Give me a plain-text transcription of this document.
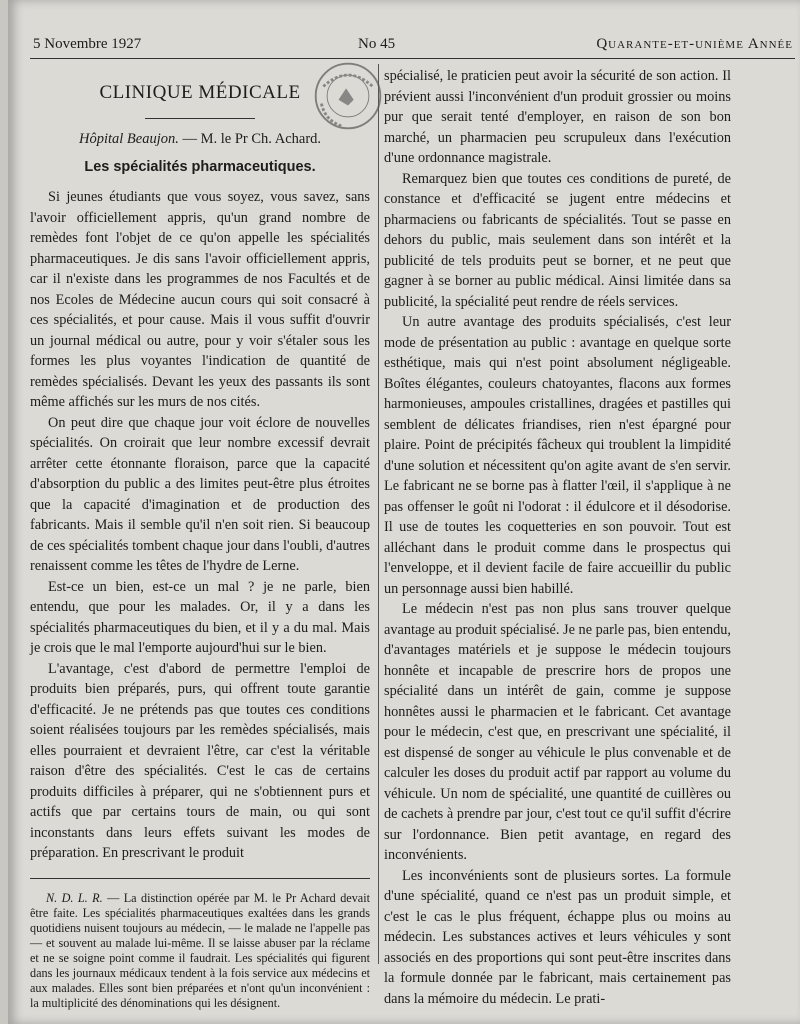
5 Novembre 1927	No 45	Quarante-et-unième Année
CLINIQUE MÉDICALE
Hôpital Beaujon. — M. le Pr Ch. Achard.
Les spécialités pharmaceutiques.

Si jeunes étudiants que vous soyez, vous savez, sans l'avoir officiellement appris, qu'un grand nombre de remèdes font l'objet de ce qu'on appelle les spécialités pharmaceutiques. Je dis sans l'avoir officiellement appris, car il n'existe dans les programmes de nos Facultés et de nos Ecoles de Médecine aucun cours qui soit consacré à ces spécialités, et pour cause. Mais il vous suffit d'ouvrir un journal médical ou autre, pour y voir s'étaler sous les formes les plus voyantes l'indication de quantité de remèdes spécialisés. Devant les yeux des passants ils sont même affichés sur les murs de nos cités.

On peut dire que chaque jour voit éclore de nouvelles spécialités. On croirait que leur nombre excessif devrait arrêter cette étonnante floraison, parce que la capacité d'absorption du public a des limites peut-être plus étroites que la capacité d'imagination et de production des fabricants. Mais il semble qu'il n'en soit rien. Si beaucoup de ces spécialités tombent chaque jour dans l'oubli, d'autres renaissent comme les têtes de l'hydre de Lerne.

Est-ce un bien, est-ce un mal ? je ne parle, bien entendu, que pour les malades. Or, il y a dans les spécialités pharmaceutiques du bien, et il y a du mal. Mais je crois que le mal l'emporte aujourd'hui sur le bien.

L'avantage, c'est d'abord de permettre l'emploi de produits bien préparés, purs, qui offrent toute garantie d'efficacité. Je ne prétends pas que toutes ces conditions soient réalisées toujours par les remèdes spécialisés, mais elles pourraient et devraient l'être, car c'est la véritable raison d'être des spécialités. C'est le cas de certains produits difficiles à préparer, qui ne s'obtiennent purs et actifs que par certains tours de main, ou qui sont inconstants dans leurs effets suivant les modes de préparation. En prescrivant le produit

N. D. L. R. — La distinction opérée par M. le Pr Achard devait être faite. Les spécialités pharmaceutiques exaltées dans les grands quotidiens nuisent toujours au médecin, — le malade ne l'appelle pas — et souvent au malade lui-même. Il se laisse abuser par la réclame et ne se soigne point comme il faudrait. Les spécialités qui figurent dans les journaux médicaux tendent à la fois service aux médecins et aux malades. Elles sont bien préparées et n'ont qu'un inconvénient : la multiplicité des dénominations qui les désignent.

spécialisé, le praticien peut avoir la sécurité de son action. Il prévient aussi l'inconvénient d'un produit grossier ou moins pur que serait tenté d'employer, en raison de son bon marché, un pharmacien peu scrupuleux dans l'exécution d'une ordonnance magistrale.

Remarquez bien que toutes ces conditions de pureté, de constance et d'efficacité se jugent entre médecins et pharmaciens ou fabricants de spécialités. Tout se passe en dehors du public, mais seulement dans son intérêt et la publicité de tels produits peut se borner, et ne peut que gagner à se borner au public médical. Ainsi limitée dans sa publicité, la spécialité peut rendre de réels services.

Un autre avantage des produits spécialisés, c'est leur mode de présentation au public : avantage en quelque sorte esthétique, mais qui n'est point absolument négligeable. Boîtes élégantes, couleurs chatoyantes, flacons aux formes harmonieuses, ampoules cristallines, dragées et pastilles qui semblent de délicates friandises, rien n'est épargné pour plaire. Point de précipités fâcheux qui troublent la limpidité d'une solution et nécessitent qu'on agite avant de s'en servir. Le fabricant ne se borne pas à flatter l'œil, il s'applique à ne pas offenser le goût ni l'odorat : il édulcore et il désodorise. Il use de toutes les coquetteries en son pouvoir. Tout est alléchant dans le produit comme dans le prospectus qui l'enveloppe, et il devient facile de faire accueillir du public un personnage aussi bien habillé.

Le médecin n'est pas non plus sans trouver quelque avantage au produit spécialisé. Je ne parle pas, bien entendu, d'avantages matériels et je suppose le médecin toujours honnête et incapable de prescrire hors de propos une spécialité dans un intérêt de gain, comme je suppose honnêtes aussi le pharmacien et le fabricant. Cet avantage pour le médecin, c'est que, en prescrivant une spécialité, il est dispensé de songer au véhicule le plus convenable et de calculer les doses du produit actif par rapport au volume du véhicule. Un nom de spécialité, une quantité de cuillères ou de cachets à prendre par jour, c'est tout ce qu'il suffit d'écrire sur l'ordonnance. Bien petit avantage, en regard des inconvénients.

Les inconvénients sont de plusieurs sortes. La formule d'une spécialité, quand ce n'est pas un produit simple, et c'est le cas le plus fréquent, échappe plus ou moins au médecin. Les substances actives et leurs véhicules y sont associés en des proportions qui sont peut-être inscrites dans la formule donnée par le fabricant, mais certainement pas dans la mémoire du médecin. Le prati-
